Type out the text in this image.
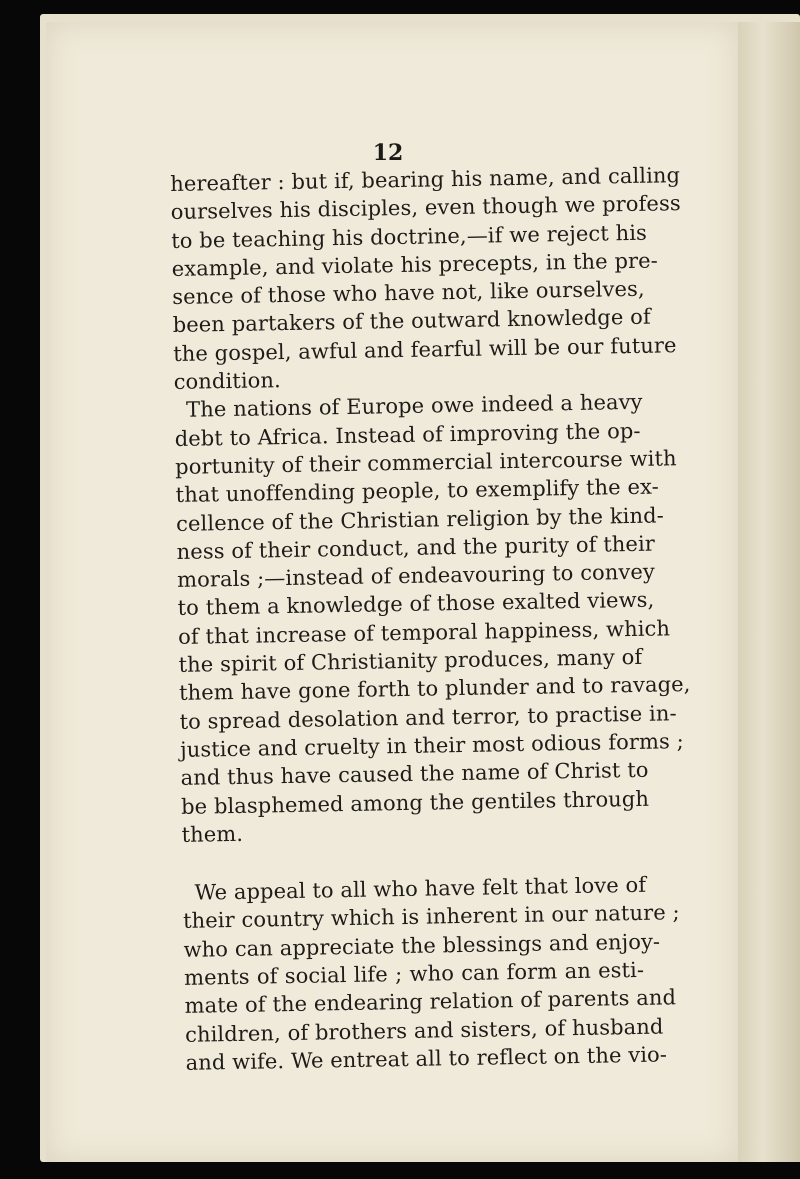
12
hereafter : but if, bearing his name, and calling
ourselves his disciples, even though we profess
to be teaching his doctrine,—if we reject his
example, and violate his precepts, in the pre-
sence of those who have not, like ourselves,
been partakers of the outward knowledge of
the gospel, awful and fearful will be our future
condition.
The nations of Europe owe indeed a heavy
debt to Africa. Instead of improving the op-
portunity of their commercial intercourse with
that unoffending people, to exemplify the ex-
cellence of the Christian religion by the kind-
ness of their conduct, and the purity of their
morals ;—instead of endeavouring to convey
to them a knowledge of those exalted views,
of that increase of temporal happiness, which
the spirit of Christianity produces, many of
them have gone forth to plunder and to ravage,
to spread desolation and terror, to practise in-
justice and cruelty in their most odious forms ;
and thus have caused the name of Christ to
be blasphemed among the gentiles through
them.
We appeal to all who have felt that love of
their country which is inherent in our nature ;
who can appreciate the blessings and enjoy-
ments of social life ; who can form an esti-
mate of the endearing relation of parents and
children, of brothers and sisters, of husband
and wife. We entreat all to reflect on the vio-
